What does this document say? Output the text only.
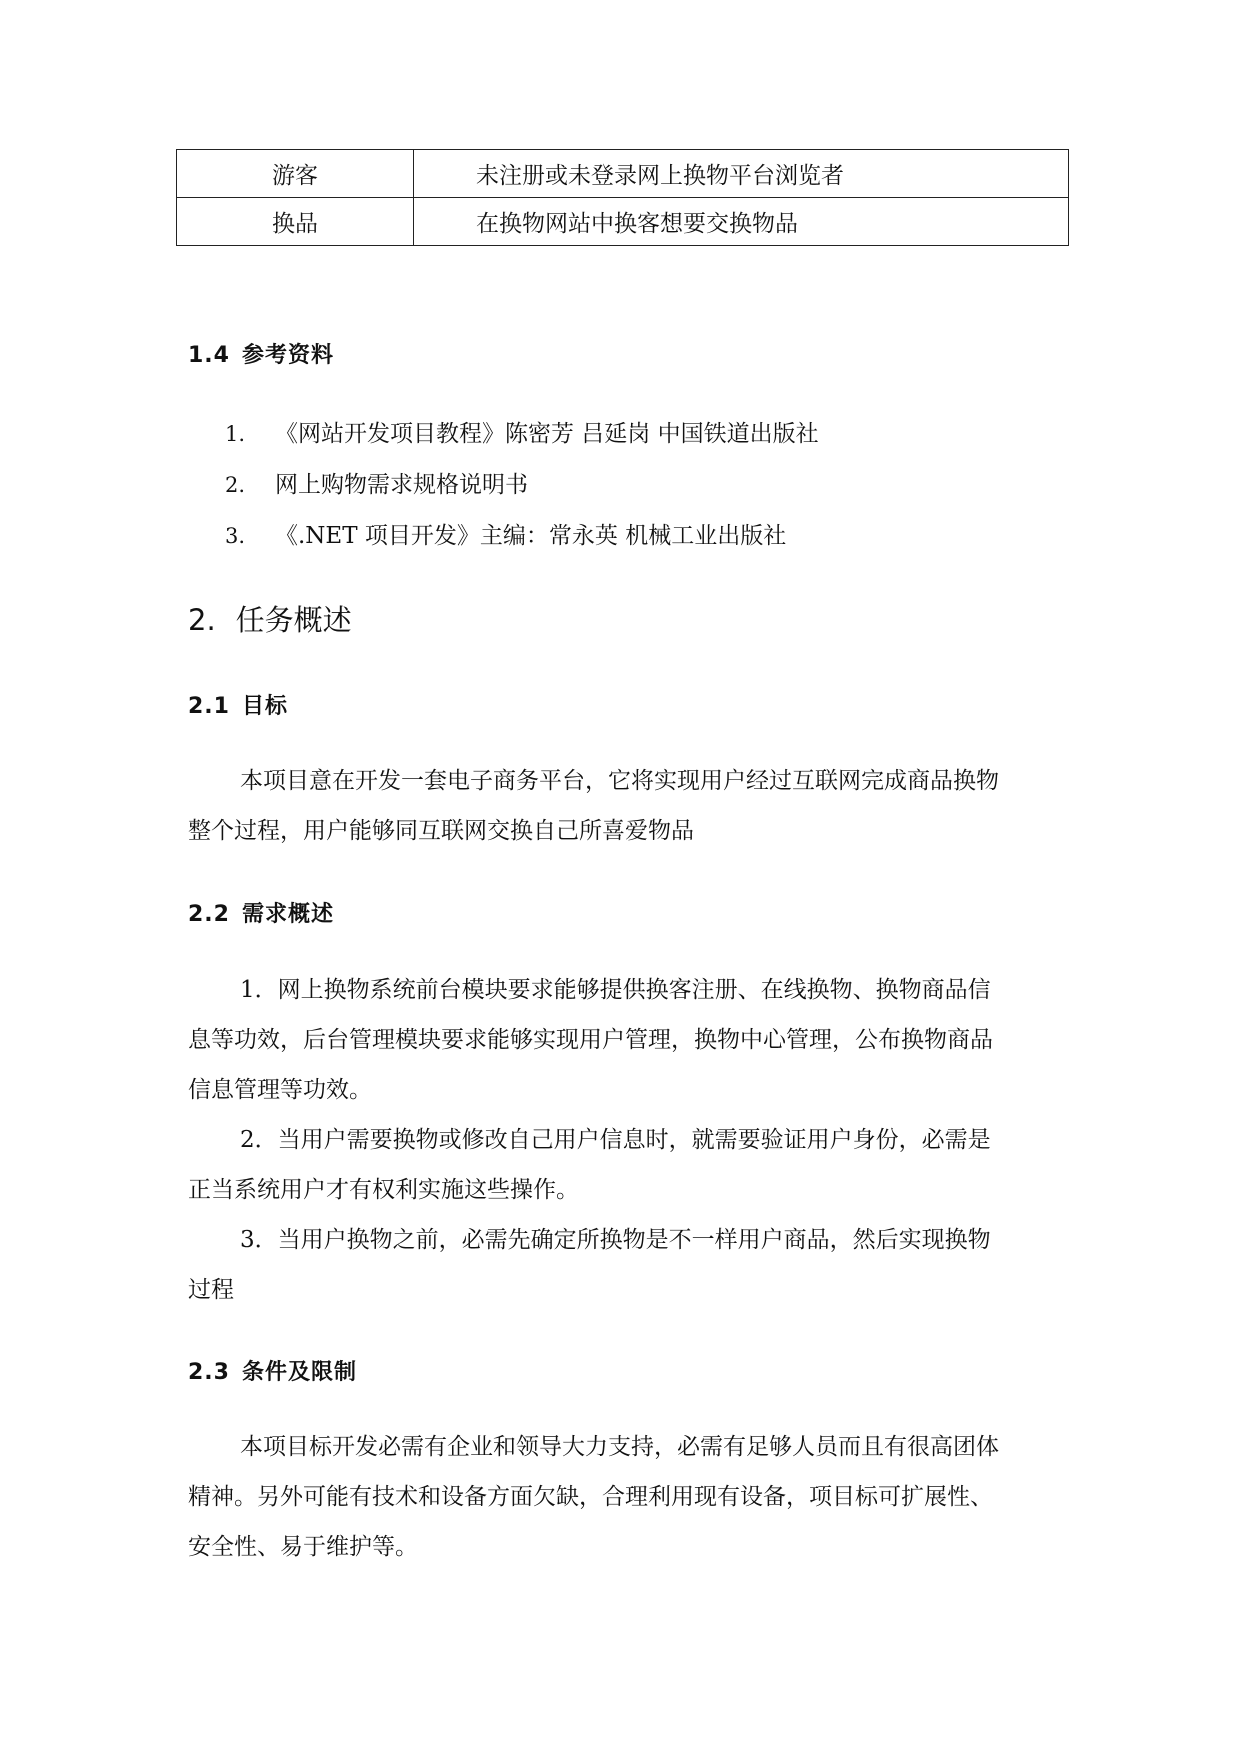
游客	未注册或未登录网上换物平台浏览者
换品	在换物网站中换客想要交换物品
1.4 参考资料
1. 《网站开发项目教程》陈密芳 吕延岗 中国铁道出版社
2. 网上购物需求规格说明书
3. 《.NET 项目开发》主编：常永英 机械工业出版社
2. 任务概述
2.1 目标
本项目意在开发一套电子商务平台，它将实现用户经过互联网完成商品换物
整个过程，用户能够同互联网交换自己所喜爱物品
2.2 需求概述
1．网上换物系统前台模块要求能够提供换客注册、在线换物、换物商品信
息等功效，后台管理模块要求能够实现用户管理，换物中心管理，公布换物商品
信息管理等功效。
2．当用户需要换物或修改自己用户信息时，就需要验证用户身份，必需是
正当系统用户才有权利实施这些操作。
3．当用户换物之前，必需先确定所换物是不一样用户商品，然后实现换物
过程
2.3 条件及限制
本项目标开发必需有企业和领导大力支持，必需有足够人员而且有很高团体
精神。另外可能有技术和设备方面欠缺，合理利用现有设备，项目标可扩展性、
安全性、易于维护等。
